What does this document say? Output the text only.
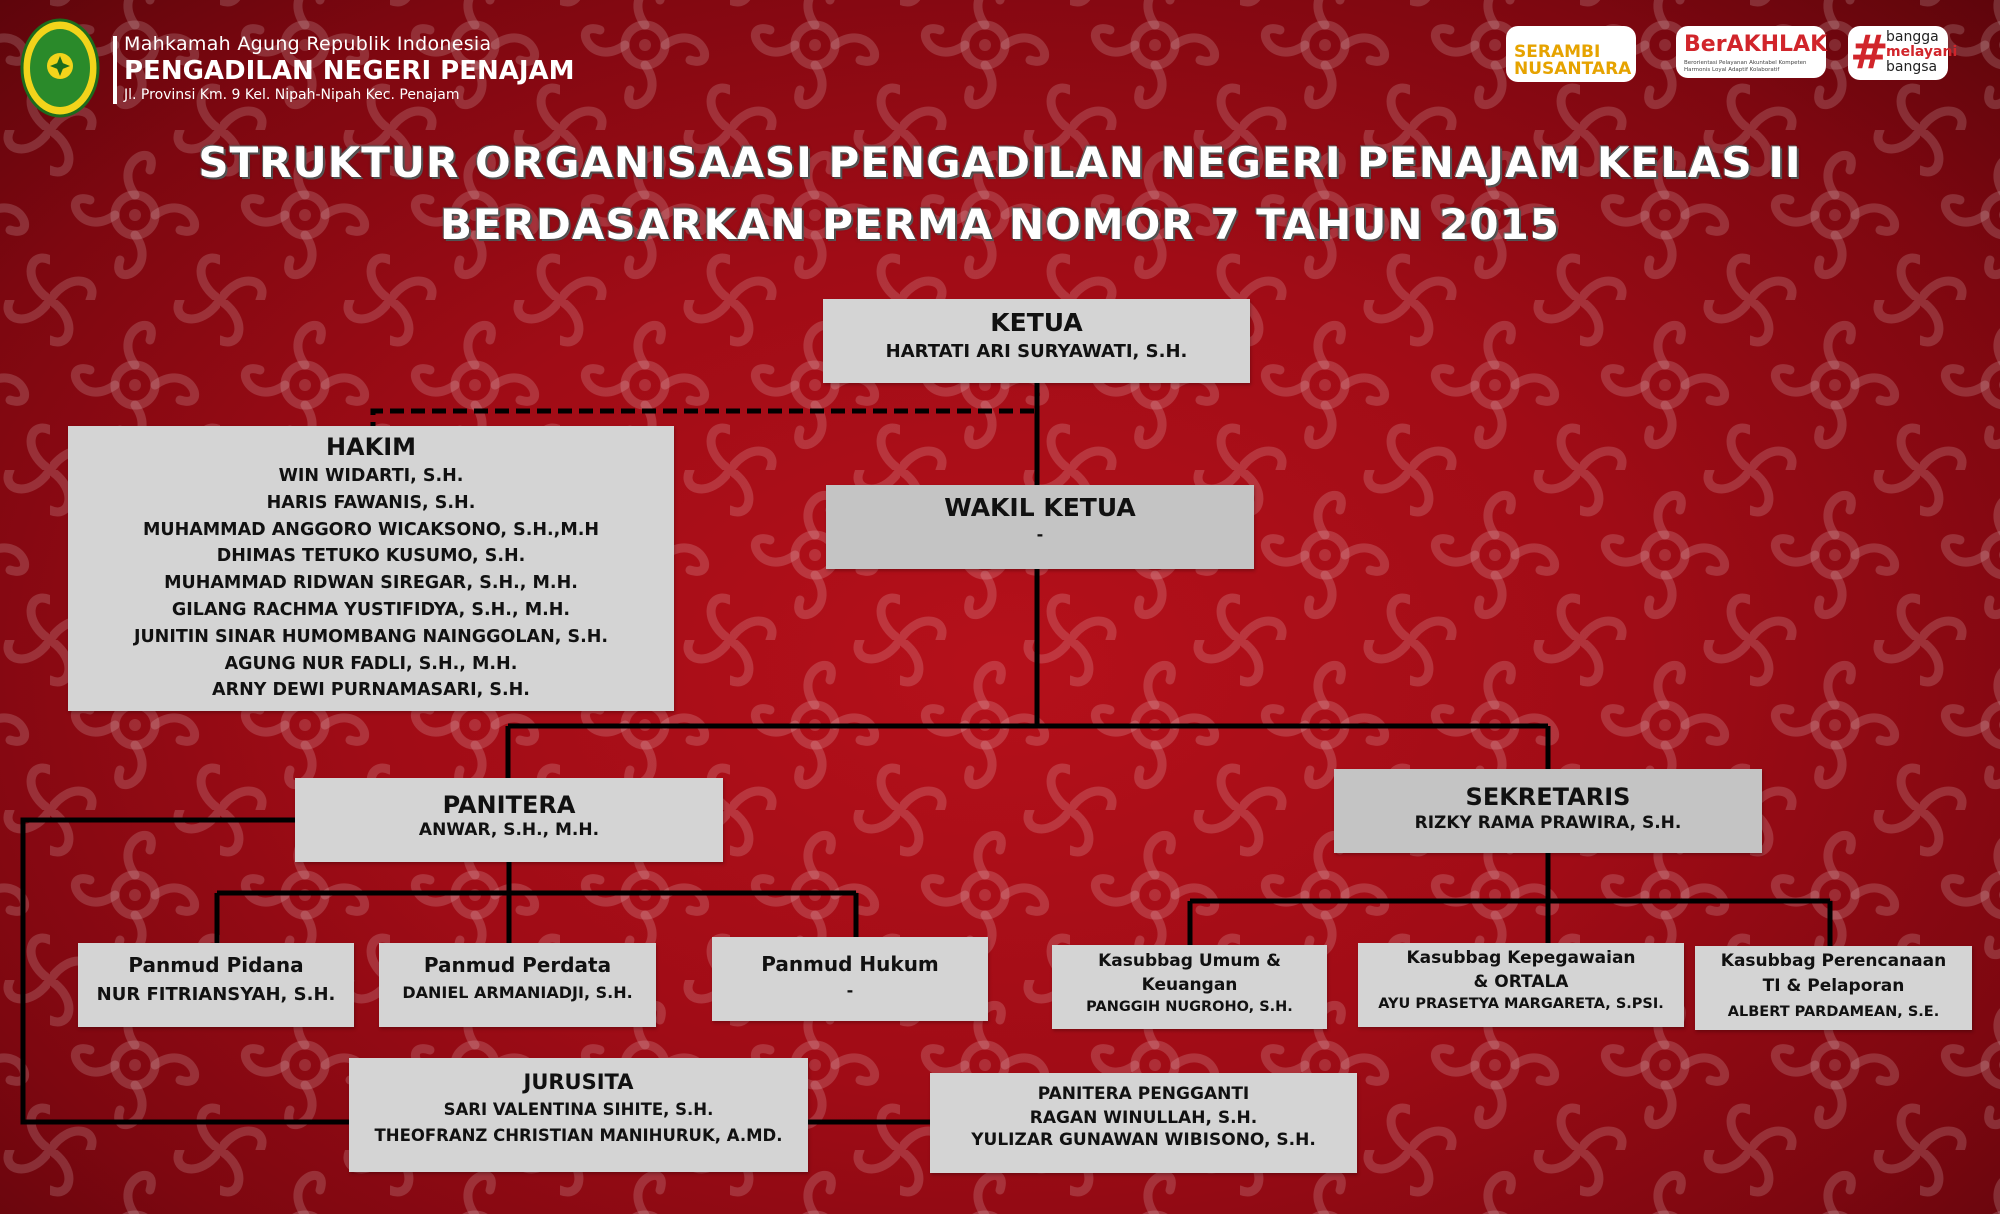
Mahkamah Agung Republik Indonesia
PENGADILAN NEGERI PENAJAM
Jl. Provinsi Km. 9 Kel. Nipah-Nipah Kec. Penajam
SERAMBI NUSANTARA
BerAKHLAK
Berorientasi Pelayanan Akuntabel Kompeten Harmonis Loyal Adaptif Kolaboratif	#
bangga
melayani
bangsa
STRUKTUR ORGANISAASI PENGADILAN NEGERI PENAJAM KELAS II
BERDASARKAN PERMA NOMOR 7 TAHUN 2015
KETUA
HARTATI ARI SURYAWATI, S.H.
HAKIM
WIN WIDARTI, S.H.
HARIS FAWANIS, S.H.
MUHAMMAD ANGGORO WICAKSONO, S.H.,M.H
DHIMAS TETUKO KUSUMO, S.H.
MUHAMMAD RIDWAN SIREGAR, S.H., M.H.
GILANG RACHMA YUSTIFIDYA, S.H., M.H.
JUNITIN SINAR HUMOMBANG NAINGGOLAN, S.H.
AGUNG NUR FADLI, S.H., M.H.
ARNY DEWI PURNAMASARI, S.H.
WAKIL KETUA
-
PANITERA
ANWAR, S.H., M.H.
SEKRETARIS
RIZKY RAMA PRAWIRA, S.H.
Panmud Pidana
NUR FITRIANSYAH, S.H.
Panmud Perdata
DANIEL ARMANIADJI, S.H.
Panmud Hukum
-
Kasubbag Umum &
Keuangan
PANGGIH NUGROHO, S.H.
Kasubbag Kepegawaian
& ORTALA
AYU PRASETYA MARGARETA, S.PSI.
Kasubbag Perencanaan
TI & Pelaporan
ALBERT PARDAMEAN, S.E.
JURUSITA
SARI VALENTINA SIHITE, S.H.
THEOFRANZ CHRISTIAN MANIHURUK, A.MD.
PANITERA PENGGANTI
RAGAN WINULLAH, S.H.
YULIZAR GUNAWAN WIBISONO, S.H.
